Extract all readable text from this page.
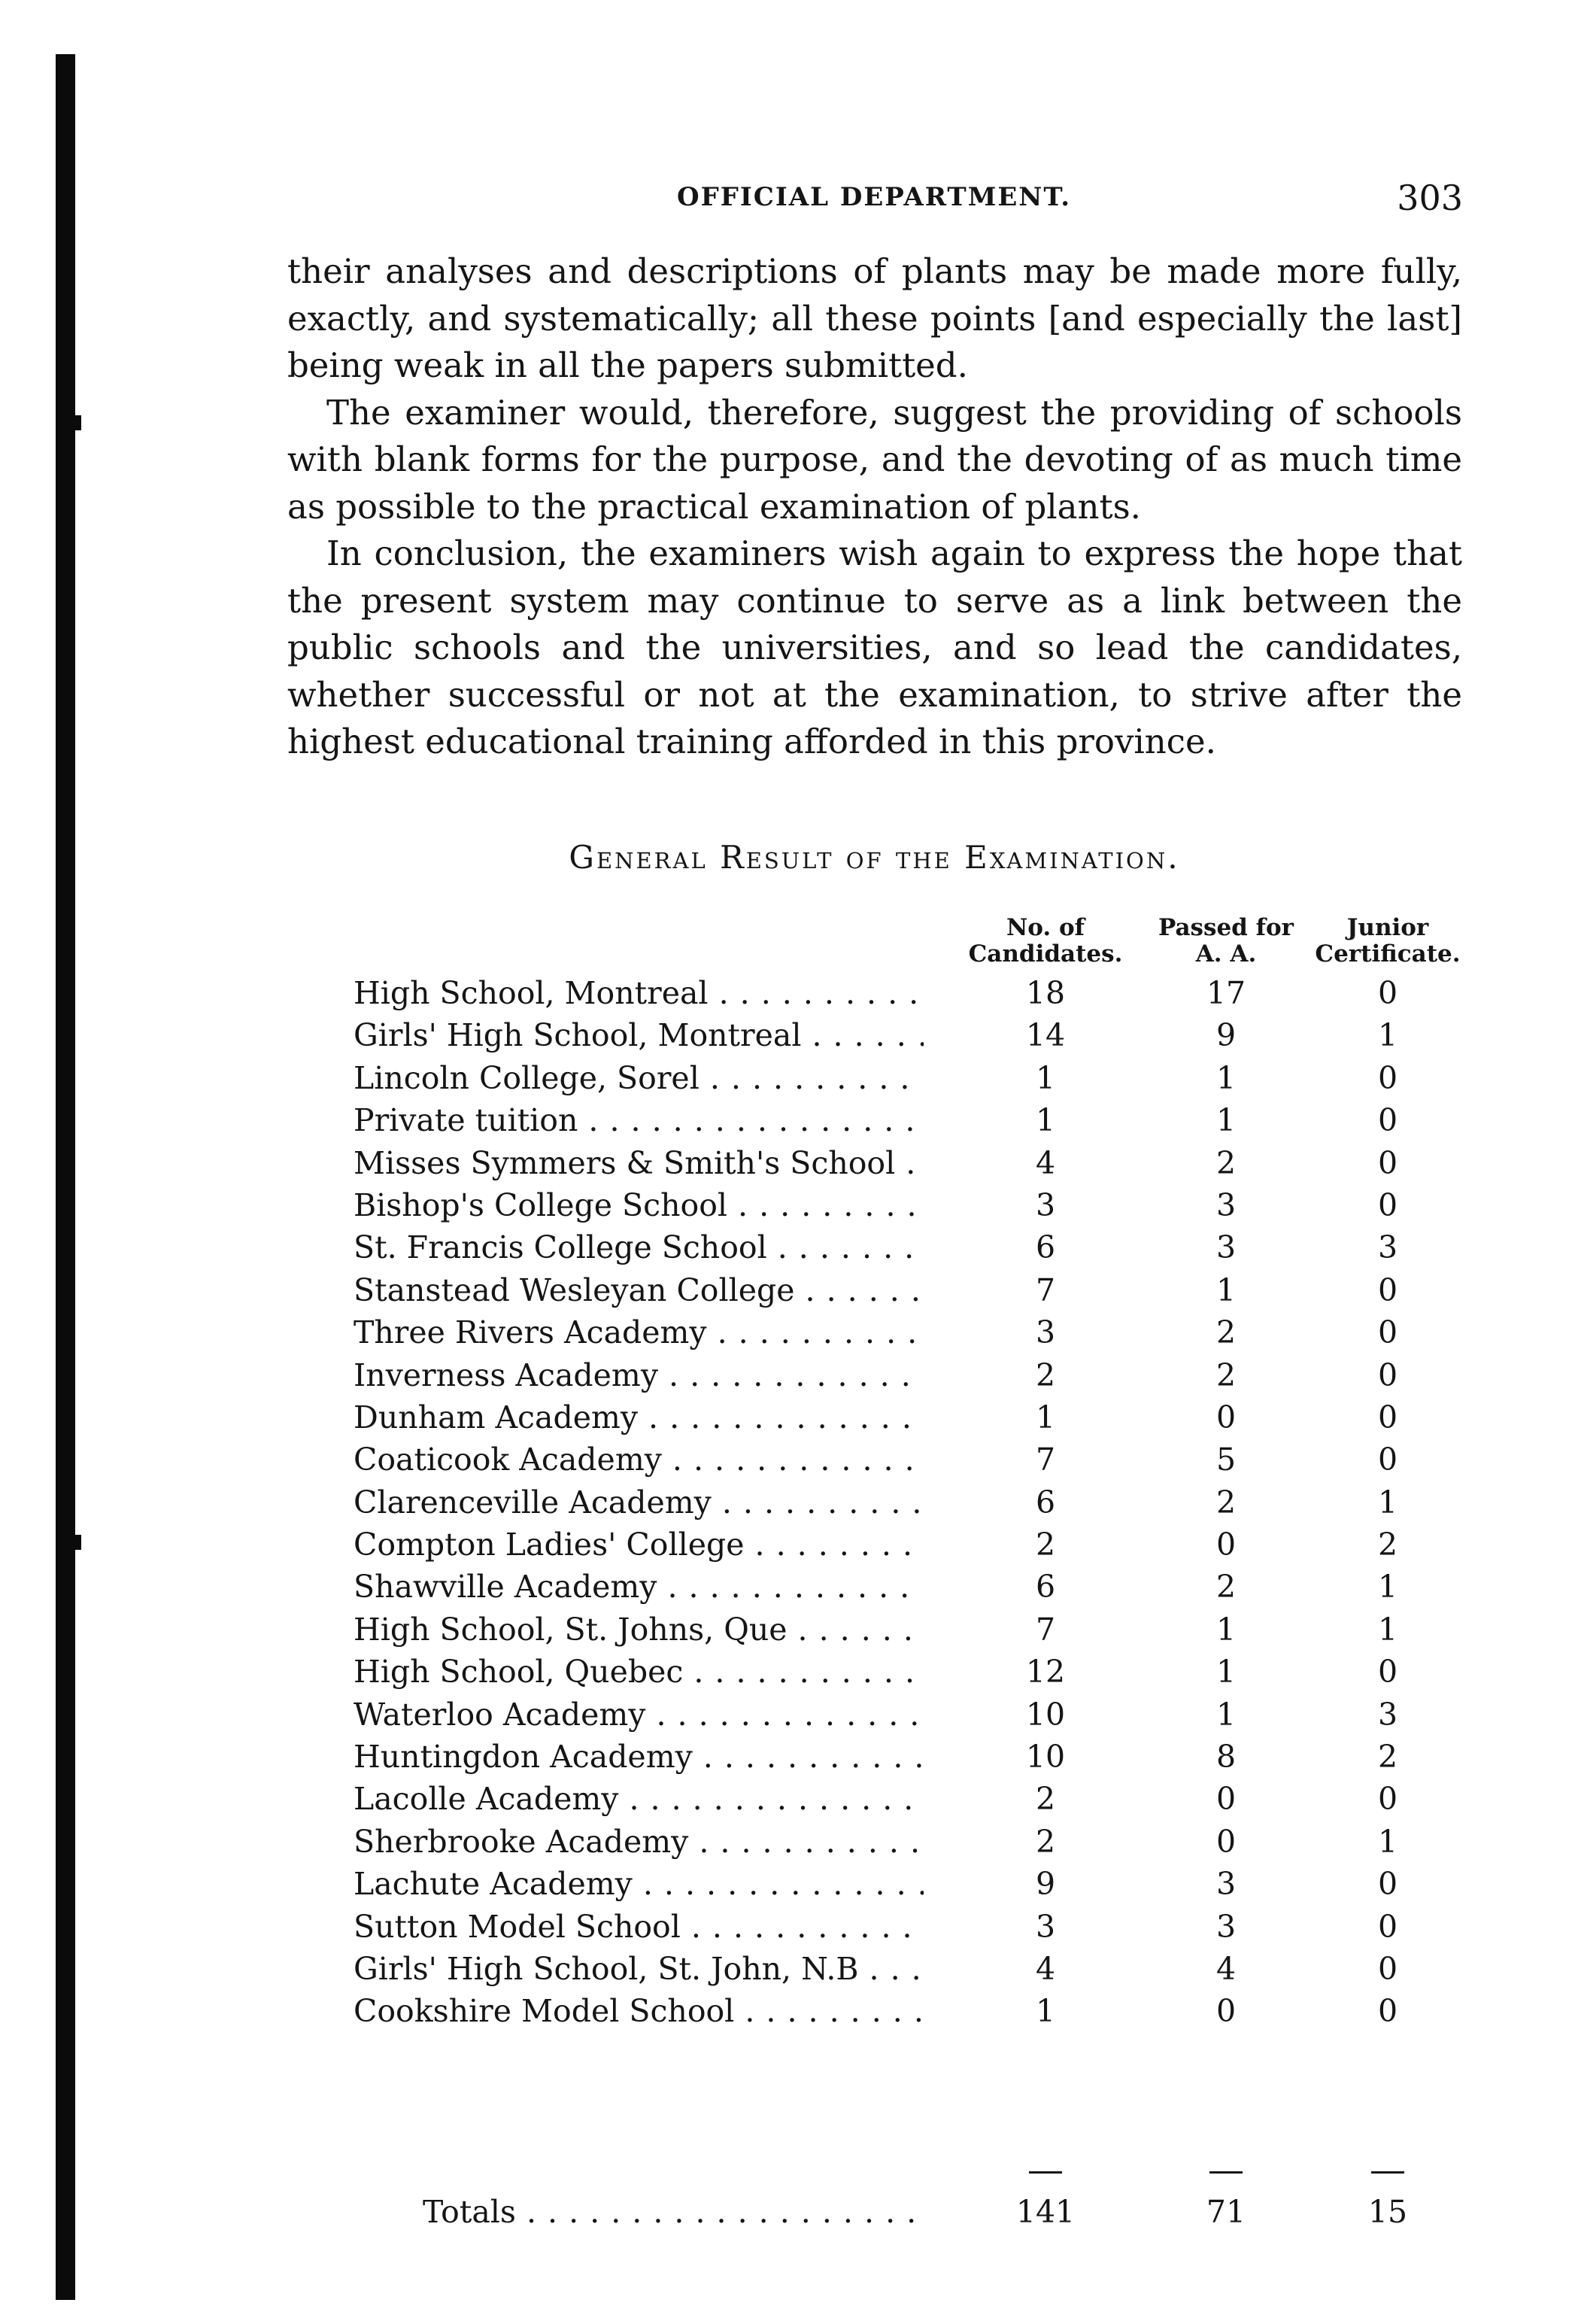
OFFICIAL DEPARTMENT.	303

their analyses and descriptions of plants may be made more fully, exactly, and systematically; all these points [and especially the last] being weak in all the papers submitted.

The examiner would, therefore, suggest the providing of schools with blank forms for the purpose, and the devoting of as much time as possible to the practical examination of plants.

In conclusion, the examiners wish again to express the hope that the present system may continue to serve as a link between the public schools and the universities, and so lead the candidates, whether successful or not at the examination, to strive after the highest educational training afforded in this province.

General Result of the Examination.
No. of
Candidates.
Passed for
A. A.
Junior
Certificate.
High School, Montreal . . .	18	17	0
Girls' High School, Montreal . . .	14	9	1
Lincoln College, Sorel . . .	1	1	0
Private tuition . . .	1	1	0
Misses Symmers & Smith's School . . .	4	2	0
Bishop's College School . . .	3	3	0
St. Francis College School . . .	6	3	3
Stanstead Wesleyan College . . .	7	1	0
Three Rivers Academy . . .	3	2	0
Inverness Academy . . .	2	2	0
Dunham Academy . . .	1	0	0
Coaticook Academy . . .	7	5	0
Clarenceville Academy . . .	6	2	1
Compton Ladies' College . . .	2	0	2
Shawville Academy . . .	6	2	1
High School, St. Johns, Que . . .	7	1	1
High School, Quebec . . .	12	1	0
Waterloo Academy . . .	10	1	3
Huntingdon Academy . . .	10	8	2
Lacolle Academy . . .	2	0	0
Sherbrooke Academy . . .	2	0	1
Lachute Academy . . .	9	3	0
Sutton Model School . . .	3	3	0
Girls' High School, St. John, N.B . . .	4	4	0
Cookshire Model School . . .	1	0	0
Totals . . .	141	71	15
